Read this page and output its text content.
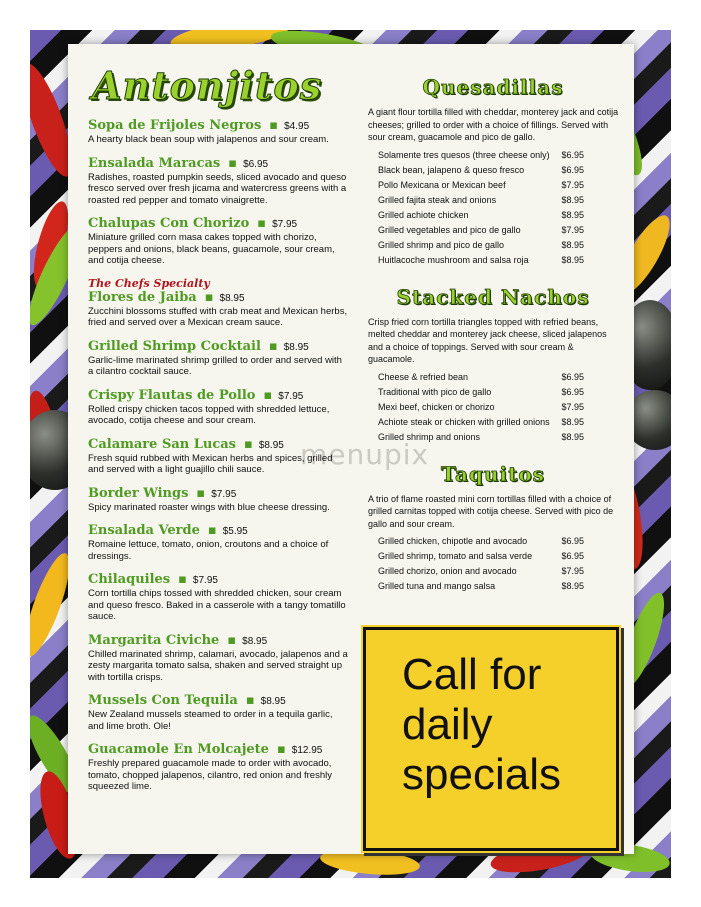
menupix
Antonjitos
Sopa de Frijoles Negros ▪ $4.95
A hearty black bean soup with jalapenos and sour cream.
Ensalada Maracas ▪ $6.95
Radishes, roasted pumpkin seeds, sliced avocado and queso fresco served over fresh jicama and watercress greens with a roasted red pepper and tomato vinaigrette.
Chalupas Con Chorizo ▪ $7.95
Miniature grilled corn masa cakes topped with chorizo, peppers and onions, black beans, guacamole, sour cream, and cotija cheese.
The Chefs Specialty
Flores de Jaiba ▪ $8.95
Zucchini blossoms stuffed with crab meat and Mexican herbs, fried and served over a Mexican cream sauce.
Grilled Shrimp Cocktail ▪ $8.95
Garlic-lime marinated shrimp grilled to order and served with a cilantro cocktail sauce.
Crispy Flautas de Pollo ▪ $7.95
Rolled crispy chicken tacos topped with shredded lettuce, avocado, cotija cheese and sour cream.
Calamare San Lucas ▪ $8.95
Fresh squid rubbed with Mexican herbs and spices, grilled and served with a light guajillo chili sauce.
Border Wings ▪ $7.95
Spicy marinated roaster wings with blue cheese dressing.
Ensalada Verde ▪ $5.95
Romaine lettuce, tomato, onion, croutons and a choice of dressings.
Chilaquiles ▪ $7.95
Corn tortilla chips tossed with shredded chicken, sour cream and queso fresco. Baked in a casserole with a tangy tomatillo sauce.
Margarita Civiche ▪ $8.95
Chilled marinated shrimp, calamari, avocado, jalapenos and a zesty margarita tomato salsa, shaken and served straight up with tortilla crisps.
Mussels Con Tequila ▪ $8.95
New Zealand mussels steamed to order in a tequila garlic, and lime broth. Ole!
Guacamole En Molcajete ▪ $12.95
Freshly prepared guacamole made to order with avocado, tomato, chopped jalapenos, cilantro, red onion and freshly squeezed lime.
Quesadillas
A giant flour tortilla filled with cheddar, monterey jack and cotija cheeses; grilled to order with a choice of fillings. Served with sour cream, guacamole and pico de gallo.
Solamente tres quesos (three cheese only) $6.95
Black bean, jalapeno & queso fresco	$6.95
Pollo Mexicana or Mexican beef	$7.95
Grilled fajita steak and onions	$8.95
Grilled achiote chicken	$8.95
Grilled vegetables and pico de gallo	$7.95
Grilled shrimp and pico de gallo	$8.95
Huitlacoche mushroom and salsa roja	$8.95
Stacked Nachos
Crisp fried corn tortilla triangles topped with refried beans, melted cheddar and monterey jack cheese, sliced jalapenos and a choice of toppings. Served with sour cream & guacamole.
Cheese & refried bean	$6.95
Traditional with pico de gallo	$6.95
Mexi beef, chicken or chorizo	$7.95
Achiote steak or chicken with grilled onions $8.95
Grilled shrimp and onions	$8.95
Taquitos
A trio of flame roasted mini corn tortillas filled with a choice of grilled carnitas topped with cotija cheese. Served with pico de gallo and sour cream.
Grilled chicken, chipotle and avocado	$6.95
Grilled shrimp, tomato and salsa verde	$6.95
Grilled chorizo, onion and avocado	$7.95
Grilled tuna and mango salsa	$8.95
Call for
daily
specials
